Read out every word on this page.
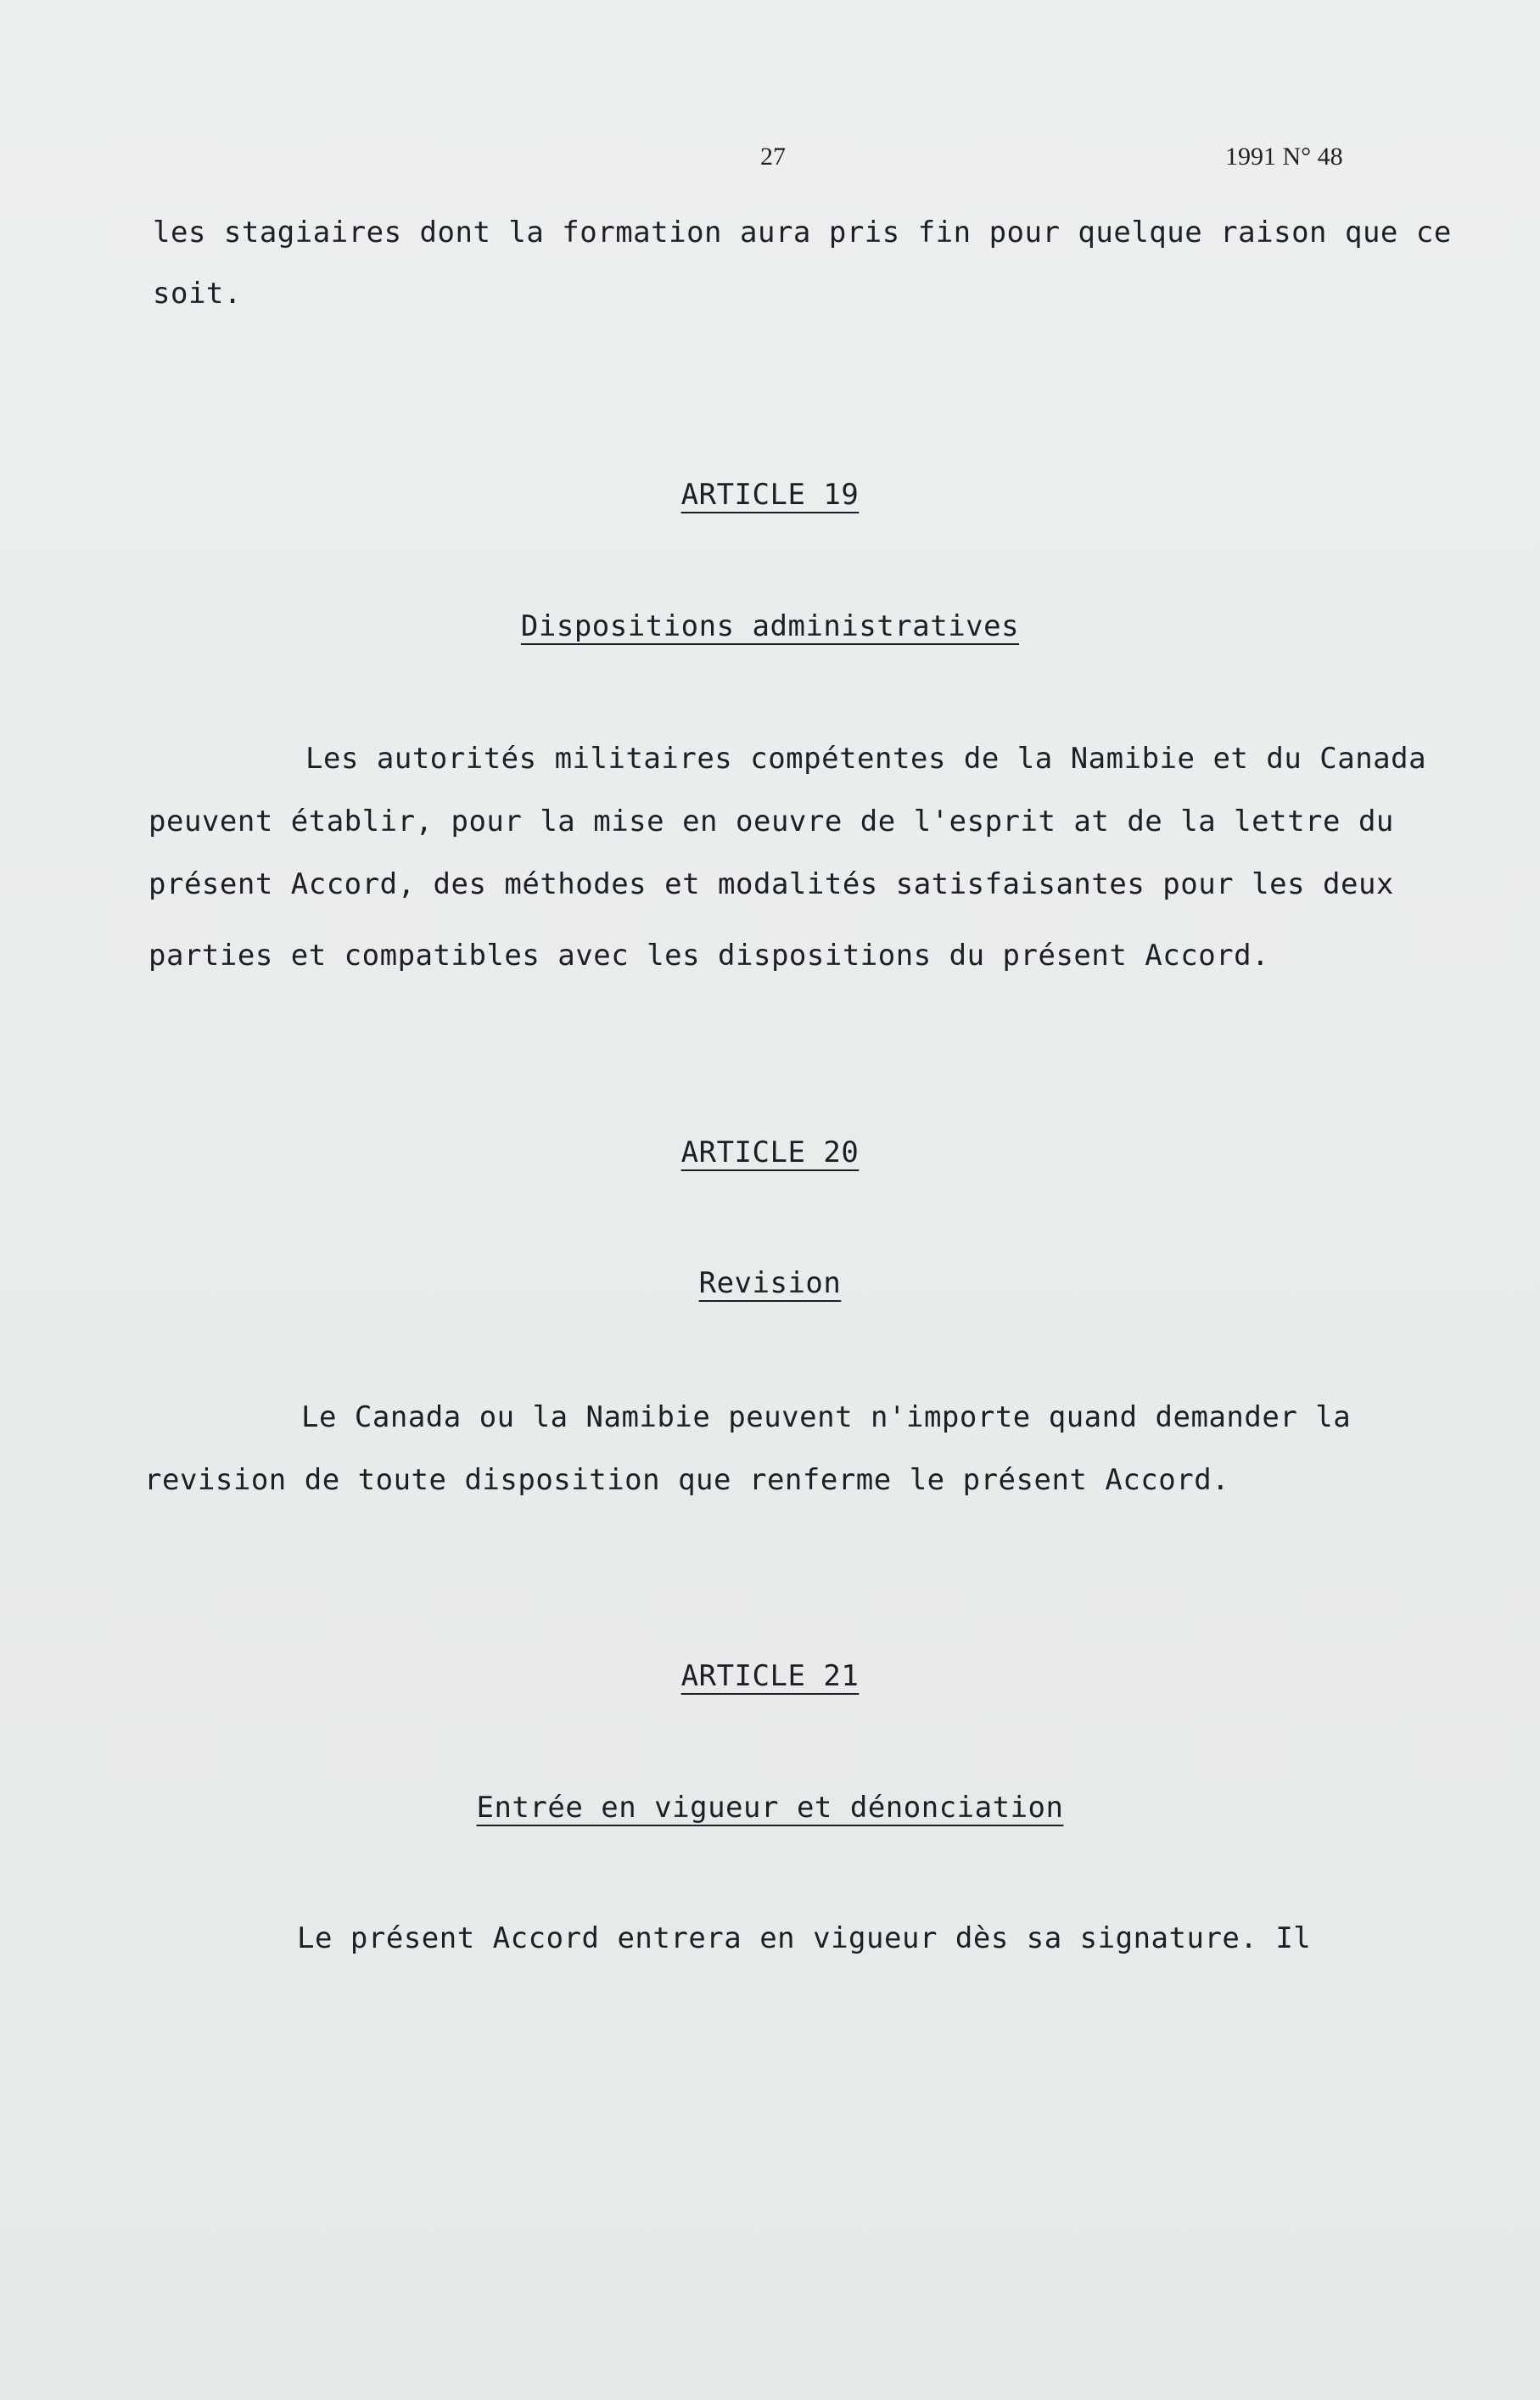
27	1991 N° 48
les stagiaires dont la formation aura pris fin pour quelque raison que ce
soit.
ARTICLE 19
Dispositions administratives
Les autorités militaires compétentes de la Namibie et du Canada
peuvent établir, pour la mise en oeuvre de l'esprit at de la lettre du
présent Accord, des méthodes et modalités satisfaisantes pour les deux
parties et compatibles avec les dispositions du présent Accord.
ARTICLE 20
Revision
Le Canada ou la Namibie peuvent n'importe quand demander la
revision de toute disposition que renferme le présent Accord.
ARTICLE 21
Entrée en vigueur et dénonciation
Le présent Accord entrera en vigueur dès sa signature. Il
